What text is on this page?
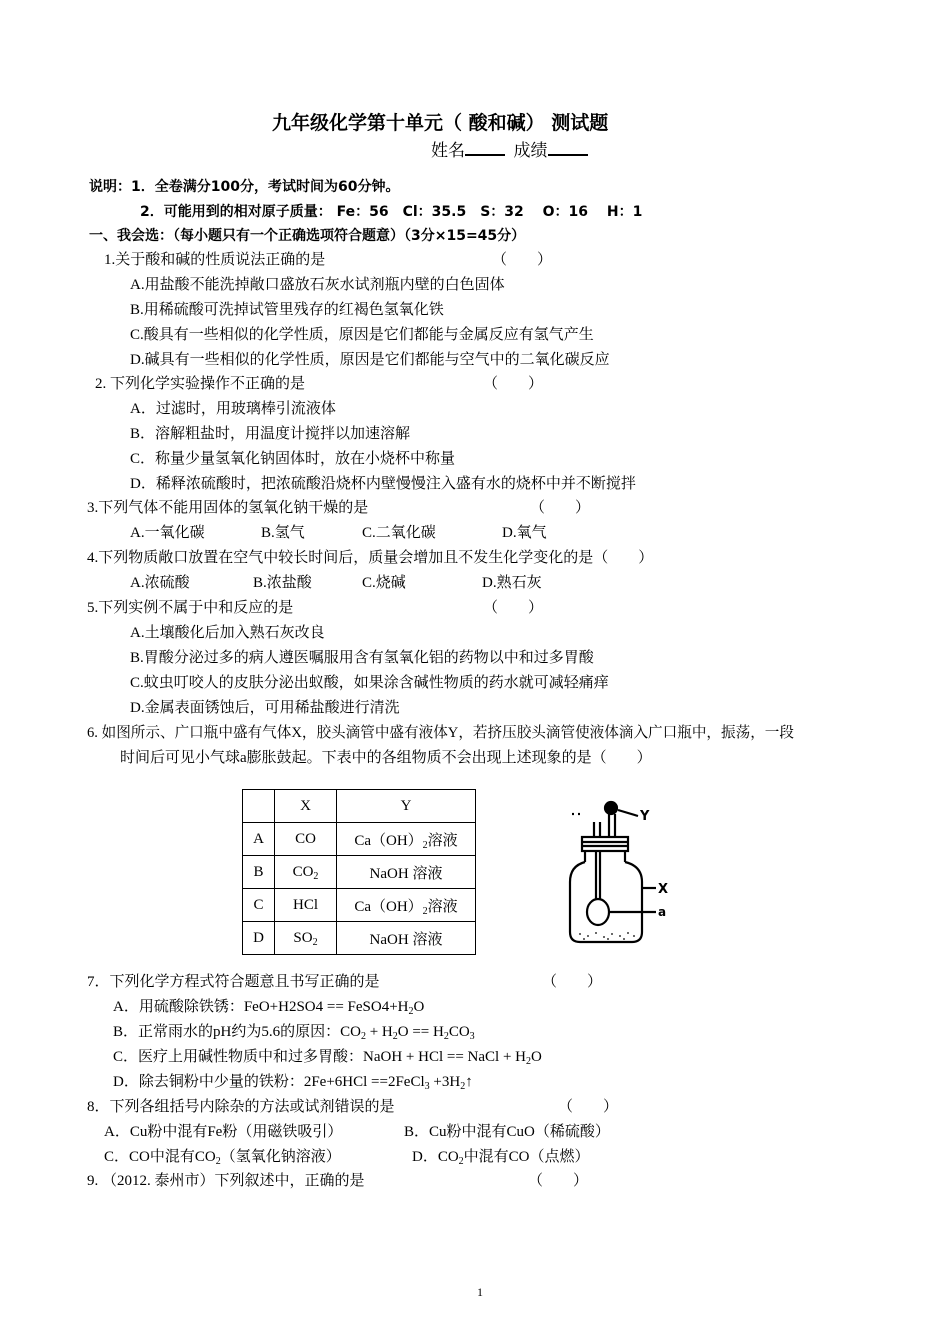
九年级化学第十单元（ 酸和碱） 测试题
姓名	成绩
说明：1．全卷满分100分，考试时间为60分钟。
2．可能用到的相对原子质量： Fe：56　Cl：35.5　S：32　 O：16　 H：1
一、我会选：（每小题只有一个正确选项符合题意）（3分×15=45分）
1.关于酸和碱的性质说法正确的是	（　　）
A.用盐酸不能洗掉敞口盛放石灰水试剂瓶内壁的白色固体
B.用稀硫酸可洗掉试管里残存的红褐色氢氧化铁
C.酸具有一些相似的化学性质，原因是它们都能与金属反应有氢气产生
D.碱具有一些相似的化学性质，原因是它们都能与空气中的二氧化碳反应
2. 下列化学实验操作不正确的是	（　　）
A．过滤时，用玻璃棒引流液体
B．溶解粗盐时，用温度计搅拌以加速溶解
C．称量少量氢氧化钠固体时，放在小烧杯中称量
D．稀释浓硫酸时，把浓硫酸沿烧杯内壁慢慢注入盛有水的烧杯中并不断搅拌
3.下列气体不能用固体的氢氧化钠干燥的是	（　　）
A.一氧化碳	B.氢气	C.二氧化碳	D.氧气
4.下列物质敞口放置在空气中较长时间后，质量会增加且不发生化学变化的是（　　）
A.浓硫酸	B.浓盐酸	C.烧碱	D.熟石灰
5.下列实例不属于中和反应的是	（　　）
A.土壤酸化后加入熟石灰改良
B.胃酸分泌过多的病人遵医嘱服用含有氢氧化铝的药物以中和过多胃酸
C.蚊虫叮咬人的皮肤分泌出蚁酸，如果涂含碱性物质的药水就可减轻痛痒
D.金属表面锈蚀后，可用稀盐酸进行清洗
6. 如图所示、广口瓶中盛有气体X，胶头滴管中盛有液体Y，若挤压胶头滴管使液体滴入广口瓶中，振荡，一段
时间后可见小气球a膨胀鼓起。下表中的各组物质不会出现上述现象的是（　　）
	X	Y
A	CO	$Ca(OH)_2$溶液
B	$CO_2$	NaOH 溶液
C	HCl	$Ca(OH)_2$溶液
D	$SO_2$	NaOH 溶液
Y
X
a
7．下列化学方程式符合题意且书写正确的是	（　　）
A．用硫酸除铁锈：$FeO+H2SO4 == FeSO4+H_2O$
B．正常雨水的pH约为5.6的原因：$CO_2 + H_2O == H_2CO_3$
C．医疗上用碱性物质中和过多胃酸：NaOH + HCl == NaCl + $H_2O$
D．除去铜粉中少量的铁粉：2Fe+6HCl ==2FeCl$_3$ $+3H_2↑$
8．下列各组括号内除杂的方法或试剂错误的是	（　　）
A．Cu粉中混有Fe粉（用磁铁吸引）	B．Cu粉中混有CuO（稀硫酸）
C．CO中混有$CO_2$（氢氧化钠溶液）	D．$CO_2$中混有CO（点燃）
9. （2012. 泰州市）下列叙述中，正确的是	（　　）
1
